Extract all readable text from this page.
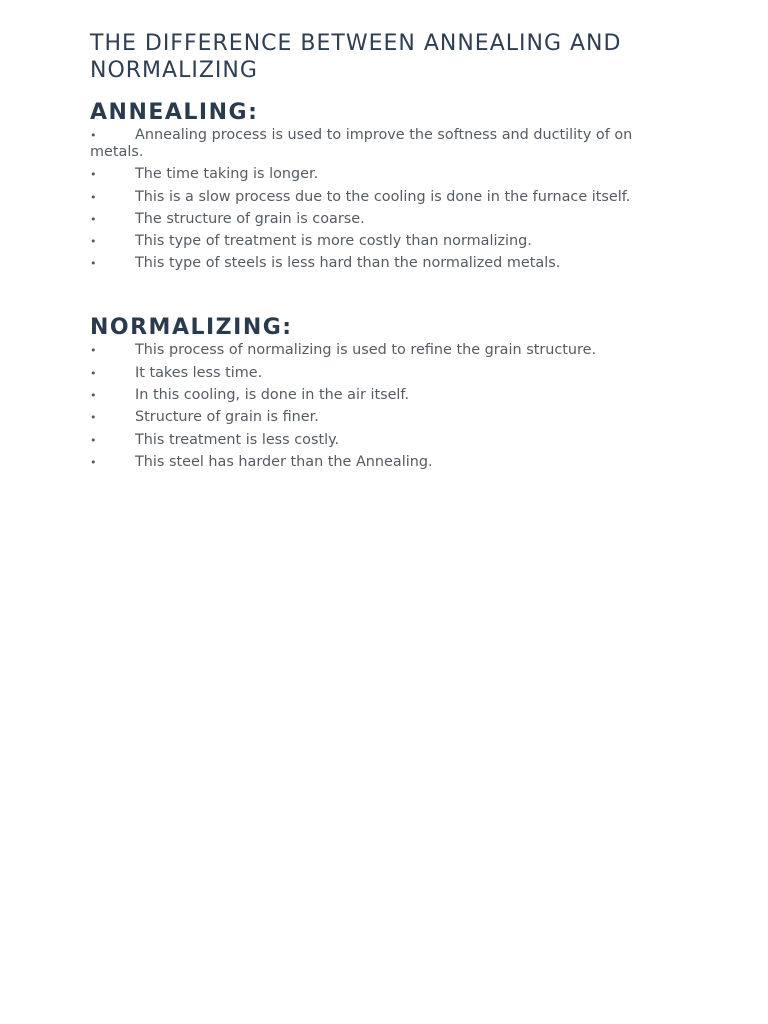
THE DIFFERENCE BETWEEN ANNEALING AND NORMALIZING
ANNEALING:
•	Annealing process is used to improve the softness and ductility of on metals.
•	The time taking is longer.
•	This is a slow process due to the cooling is done in the furnace itself.
•	The structure of grain is coarse.
•	This type of treatment is more costly than normalizing.
•	This type of steels is less hard than the normalized metals.
NORMALIZING:
•	This process of normalizing is used to refine the grain structure.
•	It takes less time.
•	In this cooling, is done in the air itself.
•	Structure of grain is finer.
•	This treatment is less costly.
•	This steel has harder than the Annealing.
